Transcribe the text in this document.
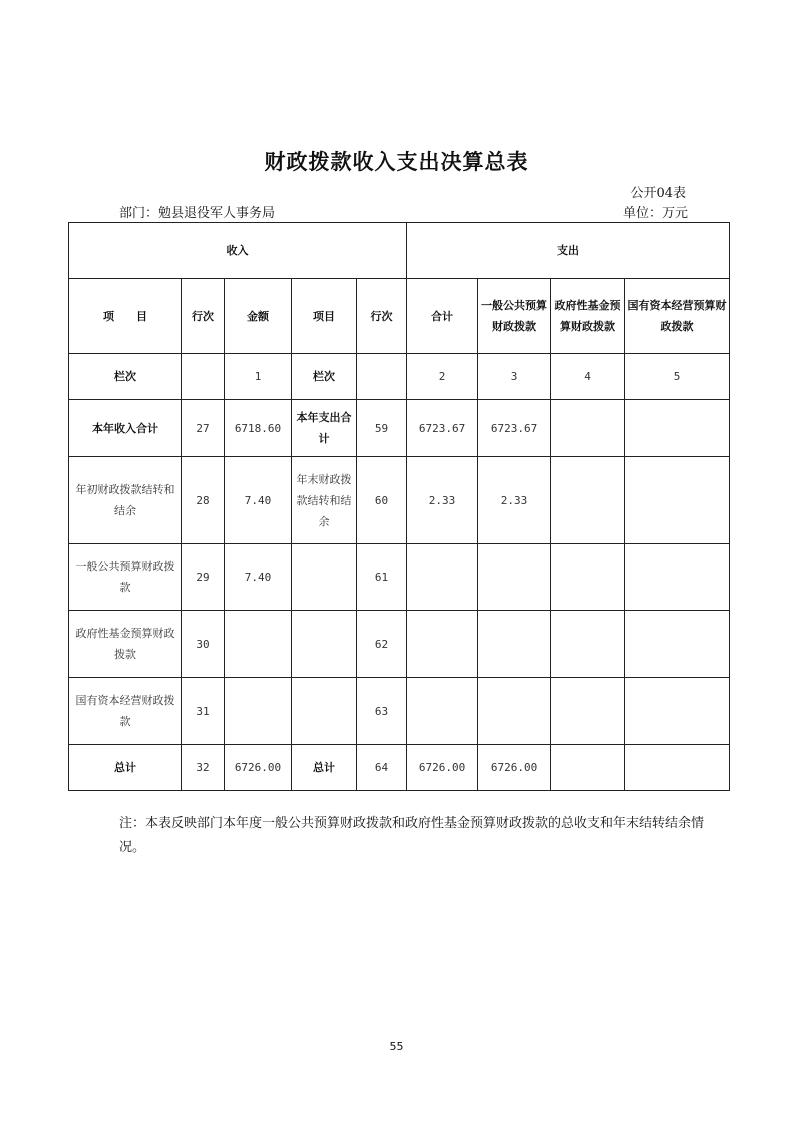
财政拨款收入支出决算总表
公开04表
部门：勉县退役军人事务局	单位：万元
收入					支出			
项　　目	行次	金额	项目	行次	合计	一般公共预算财政拨款	政府性基金预算财政拨款	国有资本经营预算财政拨款
栏次		1	栏次		2	3	4	5
本年收入合计	27	6718.60	本年支出合计	59	6723.67	6723.67		
年初财政拨款结转和结余	28	7.40	年末财政拨款结转和结余	60	2.33	2.33		
一般公共预算财政拨款	29	7.40		61				
政府性基金预算财政拨款	30			62				
国有资本经营财政拨款	31			63				
总计	32	6726.00	总计	64	6726.00	6726.00		
注：本表反映部门本年度一般公共预算财政拨款和政府性基金预算财政拨款的总收支和年末结转结余情况。
55
